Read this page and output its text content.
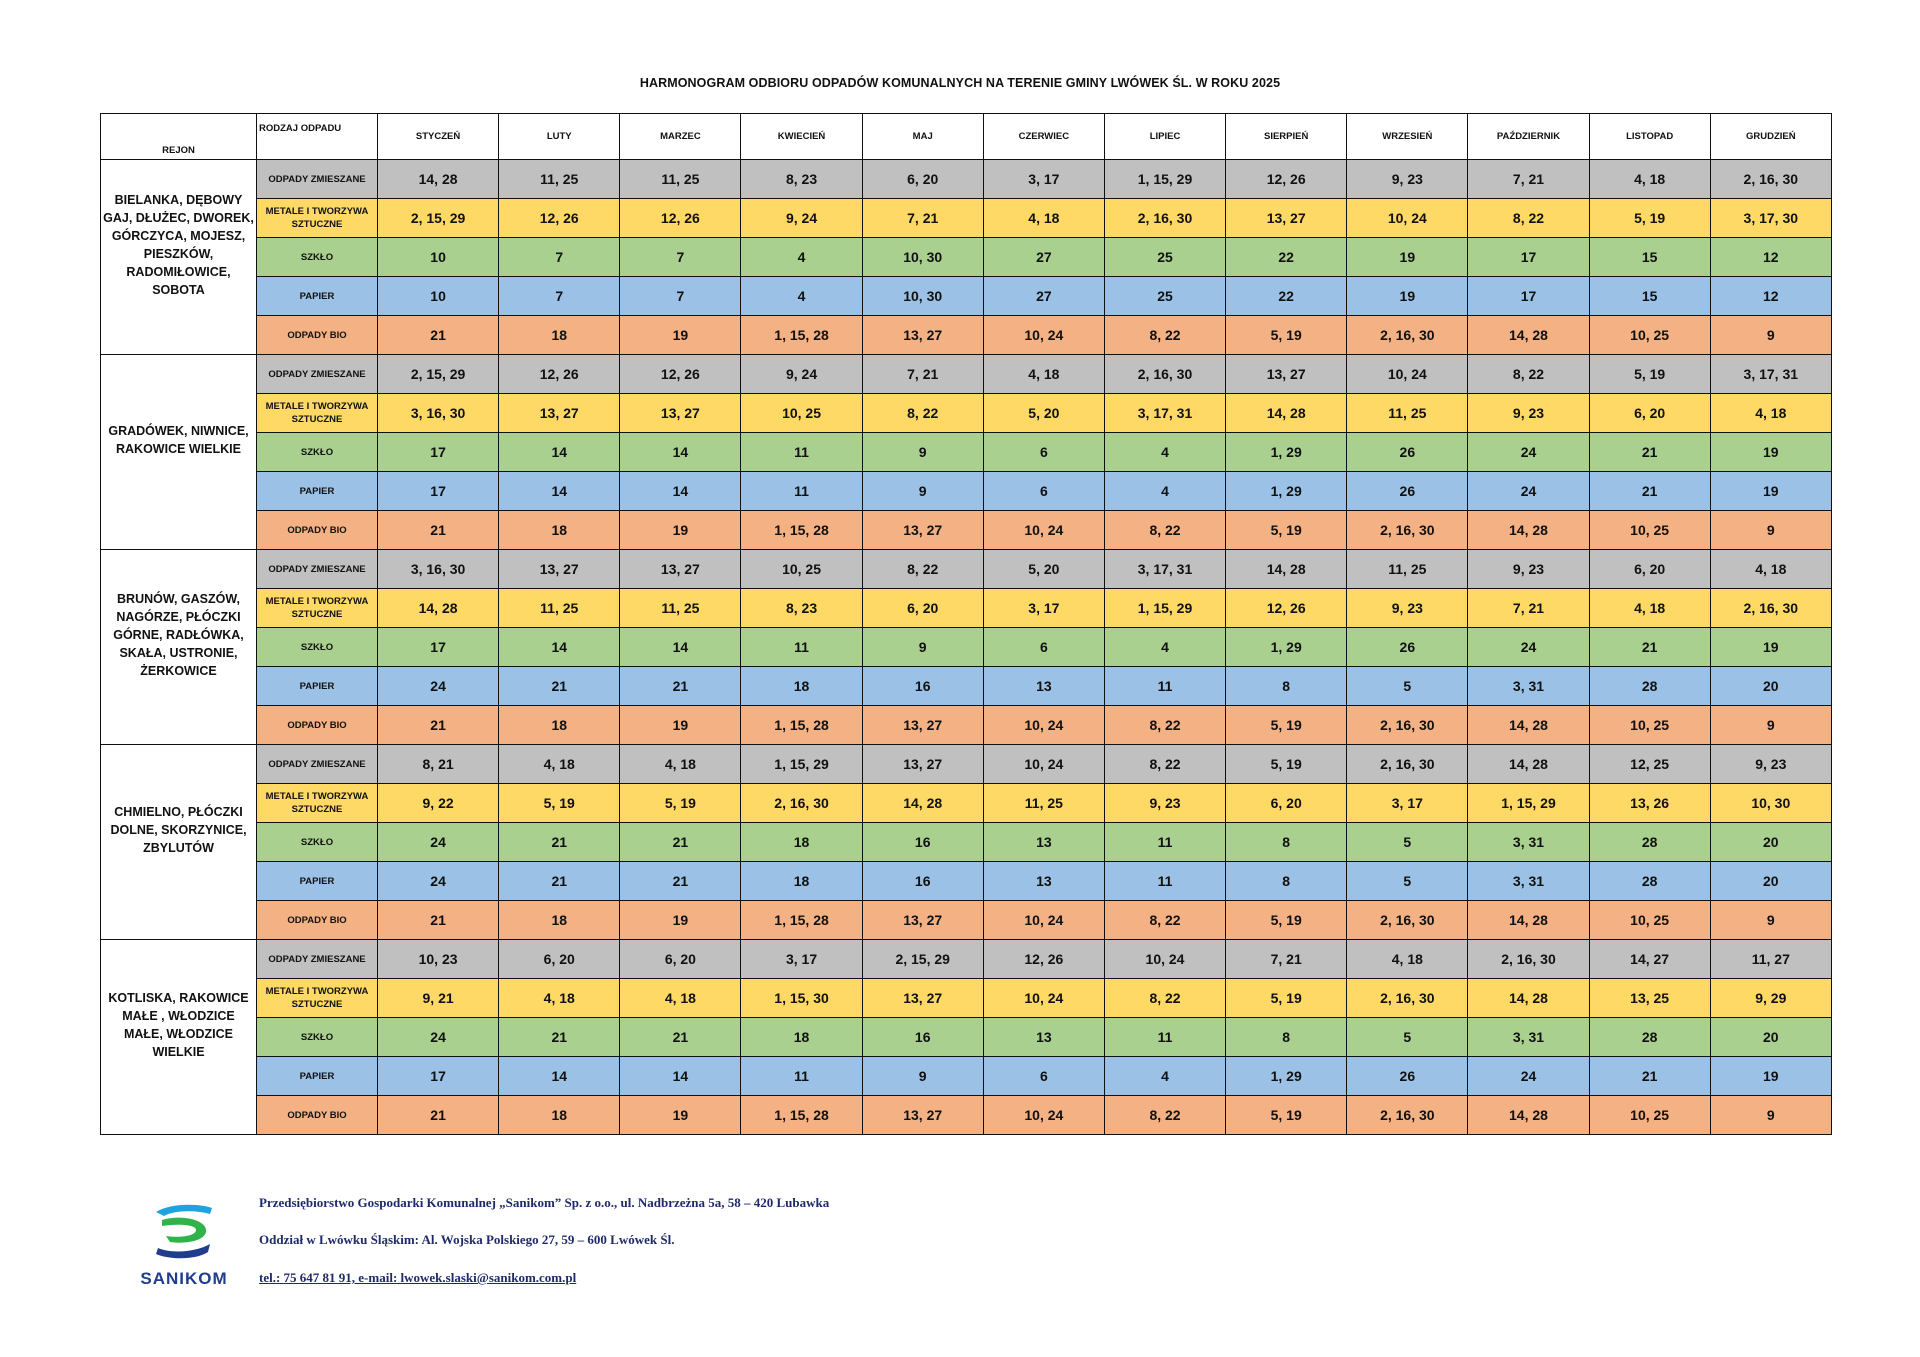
HARMONOGRAM ODBIORU ODPADÓW KOMUNALNYCH NA TERENIE GMINY LWÓWEK ŚL. W ROKU 2025
REJON	RODZAJ ODPADU	STYCZEŃ	LUTY	MARZEC	KWIECIEŃ	MAJ	CZERWIEC	LIPIEC	SIERPIEŃ	WRZESIEŃ	PAŹDZIERNIK	LISTOPAD	GRUDZIEŃ

BIELANKA, DĘBOWY GAJ, DŁUŻEC, DWOREK, GÓRCZYCA, MOJESZ, PIESZKÓW, RADOMIŁOWICE, SOBOTA	ODPADY ZMIESZANE	14, 28	11, 25	11, 25	8, 23	6, 20	3, 17	1, 15, 29	12, 26	9, 23	7, 21	4, 18	2, 16, 30
	METALE I TWORZYWA SZTUCZNE	2, 15, 29	12, 26	12, 26	9, 24	7, 21	4, 18	2, 16, 30	13, 27	10, 24	8, 22	5, 19	3, 17, 30
	SZKŁO	10	7	7	4	10, 30	27	25	22	19	17	15	12
	PAPIER	10	7	7	4	10, 30	27	25	22	19	17	15	12
	ODPADY BIO	21	18	19	1, 15, 28	13, 27	10, 24	8, 22	5, 19	2, 16, 30	14, 28	10, 25	9

GRADÓWEK, NIWNICE, RAKOWICE WIELKIE	ODPADY ZMIESZANE	2, 15, 29	12, 26	12, 26	9, 24	7, 21	4, 18	2, 16, 30	13, 27	10, 24	8, 22	5, 19	3, 17, 31
	METALE I TWORZYWA SZTUCZNE	3, 16, 30	13, 27	13, 27	10, 25	8, 22	5, 20	3, 17, 31	14, 28	11, 25	9, 23	6, 20	4, 18
	SZKŁO	17	14	14	11	9	6	4	1, 29	26	24	21	19
	PAPIER	17	14	14	11	9	6	4	1, 29	26	24	21	19
	ODPADY BIO	21	18	19	1, 15, 28	13, 27	10, 24	8, 22	5, 19	2, 16, 30	14, 28	10, 25	9

BRUNÓW, GASZÓW, NAGÓRZE, PŁÓCZKI GÓRNE, RADŁÓWKA, SKAŁA, USTRONIE, ŻERKOWICE	ODPADY ZMIESZANE	3, 16, 30	13, 27	13, 27	10, 25	8, 22	5, 20	3, 17, 31	14, 28	11, 25	9, 23	6, 20	4, 18
	METALE I TWORZYWA SZTUCZNE	14, 28	11, 25	11, 25	8, 23	6, 20	3, 17	1, 15, 29	12, 26	9, 23	7, 21	4, 18	2, 16, 30
	SZKŁO	17	14	14	11	9	6	4	1, 29	26	24	21	19
	PAPIER	24	21	21	18	16	13	11	8	5	3, 31	28	20
	ODPADY BIO	21	18	19	1, 15, 28	13, 27	10, 24	8, 22	5, 19	2, 16, 30	14, 28	10, 25	9

CHMIELNO, PŁÓCZKI DOLNE, SKORZYNICE, ZBYLUTÓW	ODPADY ZMIESZANE	8, 21	4, 18	4, 18	1, 15, 29	13, 27	10, 24	8, 22	5, 19	2, 16, 30	14, 28	12, 25	9, 23
	METALE I TWORZYWA SZTUCZNE	9, 22	5, 19	5, 19	2, 16, 30	14, 28	11, 25	9, 23	6, 20	3, 17	1, 15, 29	13, 26	10, 30
	SZKŁO	24	21	21	18	16	13	11	8	5	3, 31	28	20
	PAPIER	24	21	21	18	16	13	11	8	5	3, 31	28	20
	ODPADY BIO	21	18	19	1, 15, 28	13, 27	10, 24	8, 22	5, 19	2, 16, 30	14, 28	10, 25	9

KOTLISKA, RAKOWICE MAŁE , WŁODZICE MAŁE, WŁODZICE WIELKIE	ODPADY ZMIESZANE	10, 23	6, 20	6, 20	3, 17	2, 15, 29	12, 26	10, 24	7, 21	4, 18	2, 16, 30	14, 27	11, 27
	METALE I TWORZYWA SZTUCZNE	9, 21	4, 18	4, 18	1, 15, 30	13, 27	10, 24	8, 22	5, 19	2, 16, 30	14, 28	13, 25	9, 29
	SZKŁO	24	21	21	18	16	13	11	8	5	3, 31	28	20
	PAPIER	17	14	14	11	9	6	4	1, 29	26	24	21	19
	ODPADY BIO	21	18	19	1, 15, 28	13, 27	10, 24	8, 22	5, 19	2, 16, 30	14, 28	10, 25	9
SANIKOM
Przedsiębiorstwo Gospodarki Komunalnej „Sanikom” Sp. z o.o., ul. Nadbrzeżna 5a, 58 – 420 Lubawka
Oddział w Lwówku Śląskim: Al. Wojska Polskiego 27, 59 – 600 Lwówek Śl.
tel.: 75 647 81 91, e-mail: lwowek.slaski@sanikom.com.pl
